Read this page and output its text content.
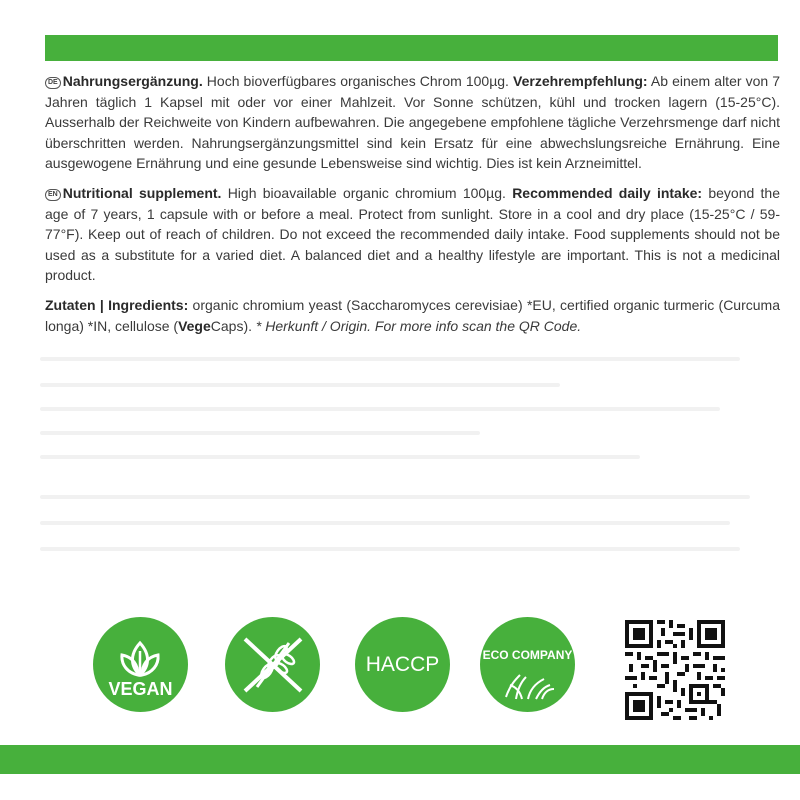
DE Nahrungsergänzung. Hoch bioverfügbares organisches Chrom 100µg. Verzehrempfehlung: Ab einem alter von 7 Jahren täglich 1 Kapsel mit oder vor einer Mahlzeit. Vor Sonne schützen, kühl und trocken lagern (15-25°C). Ausserhalb der Reichweite von Kindern aufbewahren. Die angegebene empfohlene tägliche Verzehrsmenge darf nicht überschritten werden. Nahrungsergänzungsmittel sind kein Ersatz für eine abwechslungsreiche Ernährung. Eine ausgewogene Ernährung und eine gesunde Lebensweise sind wichtig. Dies ist kein Arzneimittel.
EN Nutritional supplement. High bioavailable organic chromium 100µg. Recommended daily intake: beyond the age of 7 years, 1 capsule with or before a meal. Protect from sunlight. Store in a cool and dry place (15-25°C / 59-77°F). Keep out of reach of children. Do not exceed the recommended daily intake. Food supplements should not be used as a substitute for a varied diet. A balanced diet and a healthy lifestyle are important. This is not a medicinal product.
Zutaten | Ingredients: organic chromium yeast (Saccharomyces cerevisiae) *EU, certified organic turmeric (Curcuma longa) *IN, cellulose (VegeCaps). * Herkunft / Origin. For more info scan the QR Code.
VEGAN
HACCP	ECO COMPANY
